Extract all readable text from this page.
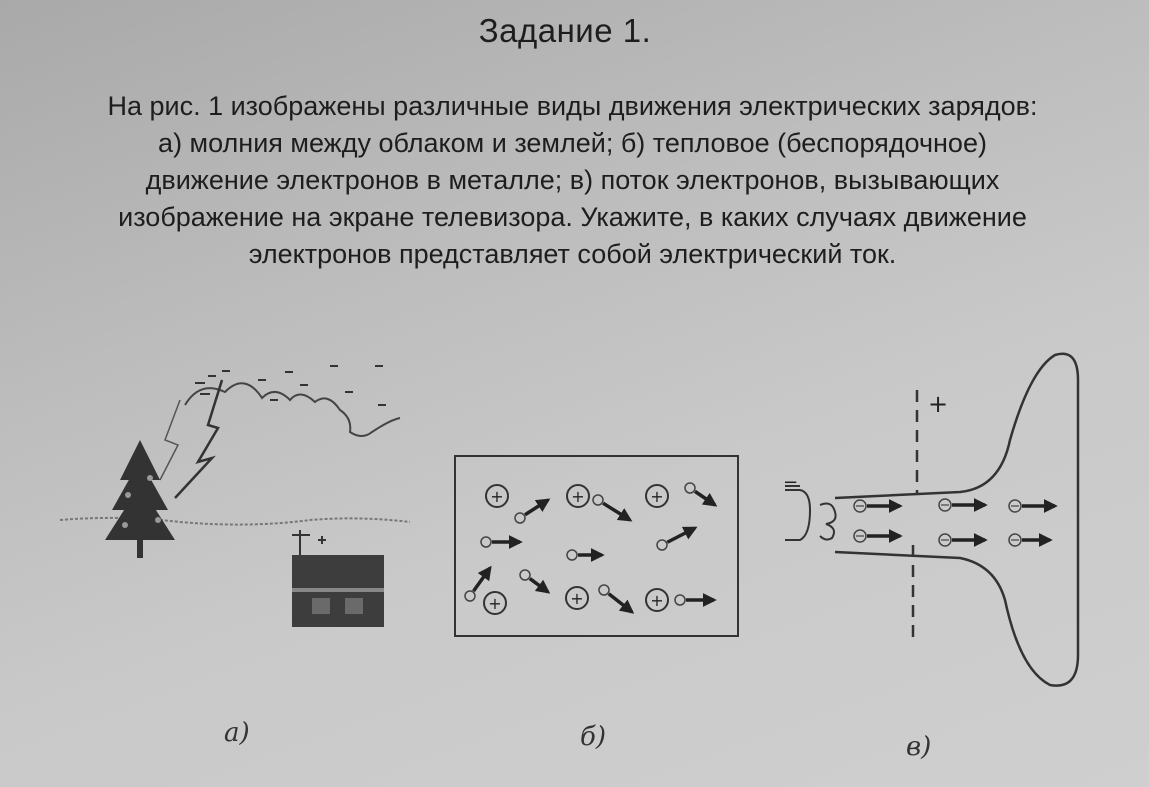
Задание 1.
На рис. 1 изображены различные виды движения электрических зарядов:
а) молния между облаком и землей; б) тепловое (беспорядочное)
движение электронов в металле; в) поток электронов, вызывающих
изображение на экране телевизора. Укажите, в каких случаях движение
электронов представляет собой электрический ток.
+	+	+
+	+	+
+
−
а)	б)	в)
